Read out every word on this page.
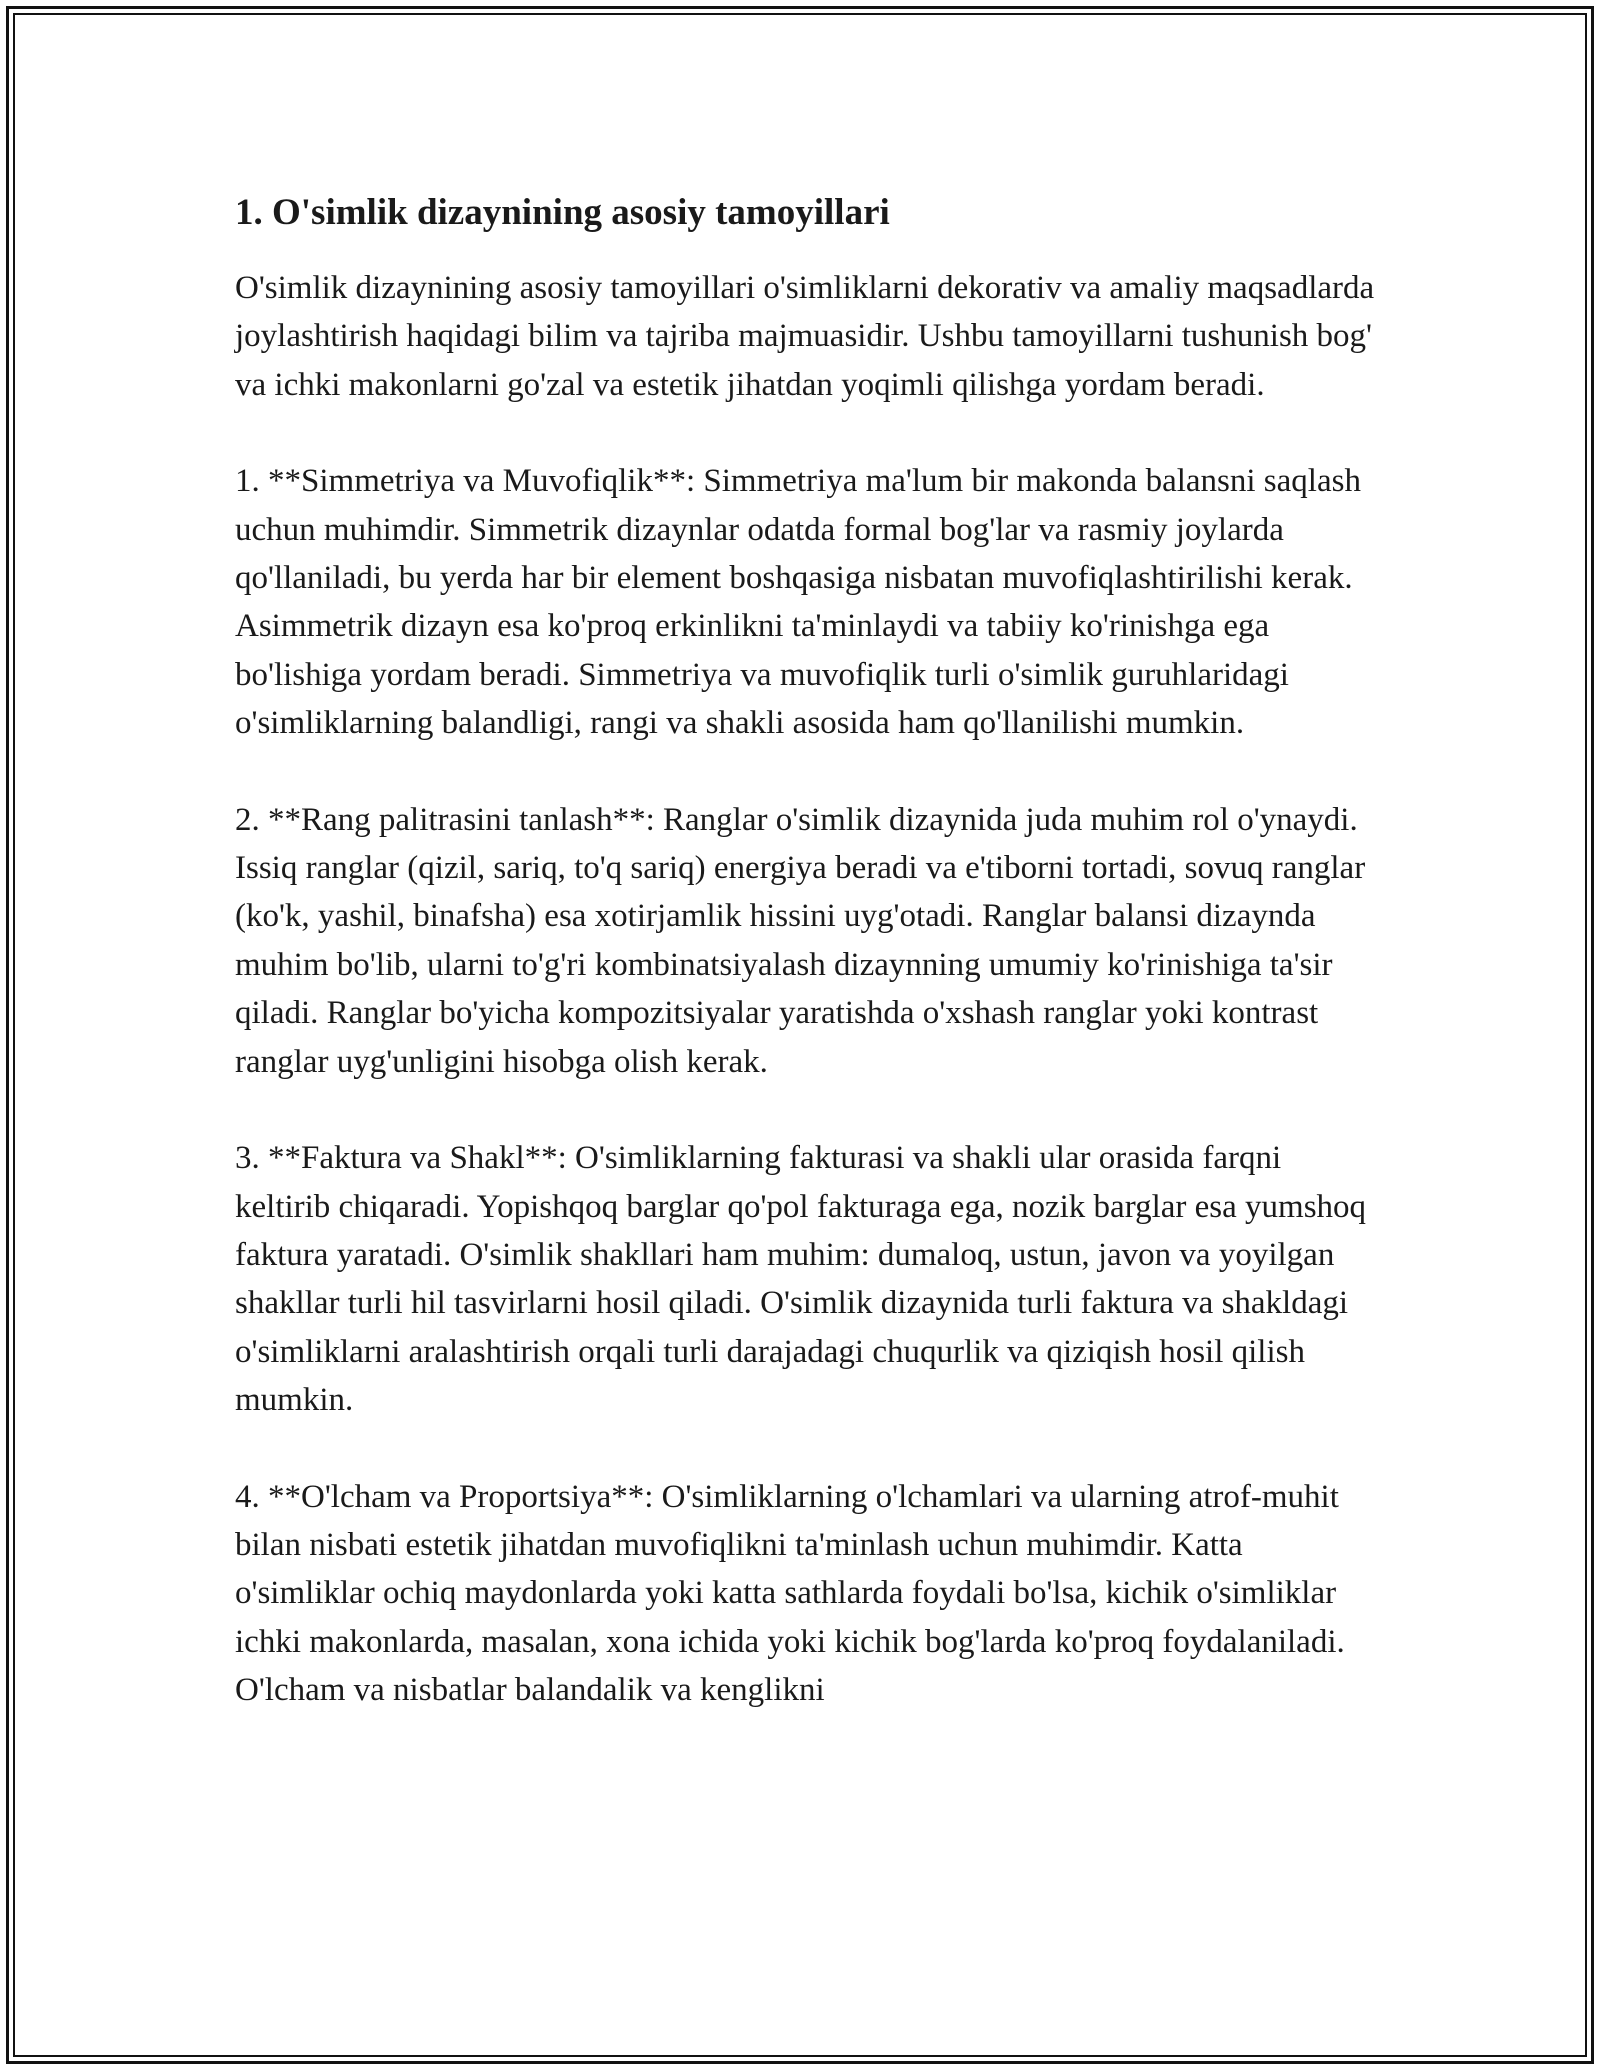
1. O'simlik dizaynining asosiy tamoyillari

O'simlik dizaynining asosiy tamoyillari o'simliklarni dekorativ va amaliy maqsadlarda joylashtirish haqidagi bilim va tajriba majmuasidir. Ushbu tamoyillarni tushunish bog' va ichki makonlarni go'zal va estetik jihatdan yoqimli qilishga yordam beradi.

1. **Simmetriya va Muvofiqlik**: Simmetriya ma'lum bir makonda balansni saqlash uchun muhimdir. Simmetrik dizaynlar odatda formal bog'lar va rasmiy joylarda qo'llaniladi, bu yerda har bir element boshqasiga nisbatan muvofiqlashtirilishi kerak. Asimmetrik dizayn esa ko'proq erkinlikni ta'minlaydi va tabiiy ko'rinishga ega bo'lishiga yordam beradi. Simmetriya va muvofiqlik turli o'simlik guruhlaridagi o'simliklarning balandligi, rangi va shakli asosida ham qo'llanilishi mumkin.

2. **Rang palitrasini tanlash**: Ranglar o'simlik dizaynida juda muhim rol o'ynaydi. Issiq ranglar (qizil, sariq, to'q sariq) energiya beradi va e'tiborni tortadi, sovuq ranglar (ko'k, yashil, binafsha) esa xotirjamlik hissini uyg'otadi. Ranglar balansi dizaynda muhim bo'lib, ularni to'g'ri kombinatsiyalash dizaynning umumiy ko'rinishiga ta'sir qiladi. Ranglar bo'yicha kompozitsiyalar yaratishda o'xshash ranglar yoki kontrast ranglar uyg'unligini hisobga olish kerak.

3. **Faktura va Shakl**: O'simliklarning fakturasi va shakli ular orasida farqni keltirib chiqaradi. Yopishqoq barglar qo'pol fakturaga ega, nozik barglar esa yumshoq faktura yaratadi. O'simlik shakllari ham muhim: dumaloq, ustun, javon va yoyilgan shakllar turli hil tasvirlarni hosil qiladi. O'simlik dizaynida turli faktura va shakldagi o'simliklarni aralashtirish orqali turli darajadagi chuqurlik va qiziqish hosil qilish mumkin.

4. **O'lcham va Proportsiya**: O'simliklarning o'lchamlari va ularning atrof-muhit bilan nisbati estetik jihatdan muvofiqlikni ta'minlash uchun muhimdir. Katta o'simliklar ochiq maydonlarda yoki katta sathlarda foydali bo'lsa, kichik o'simliklar ichki makonlarda, masalan, xona ichida yoki kichik bog'larda ko'proq foydalaniladi. O'lcham va nisbatlar balandalik va kenglikni
